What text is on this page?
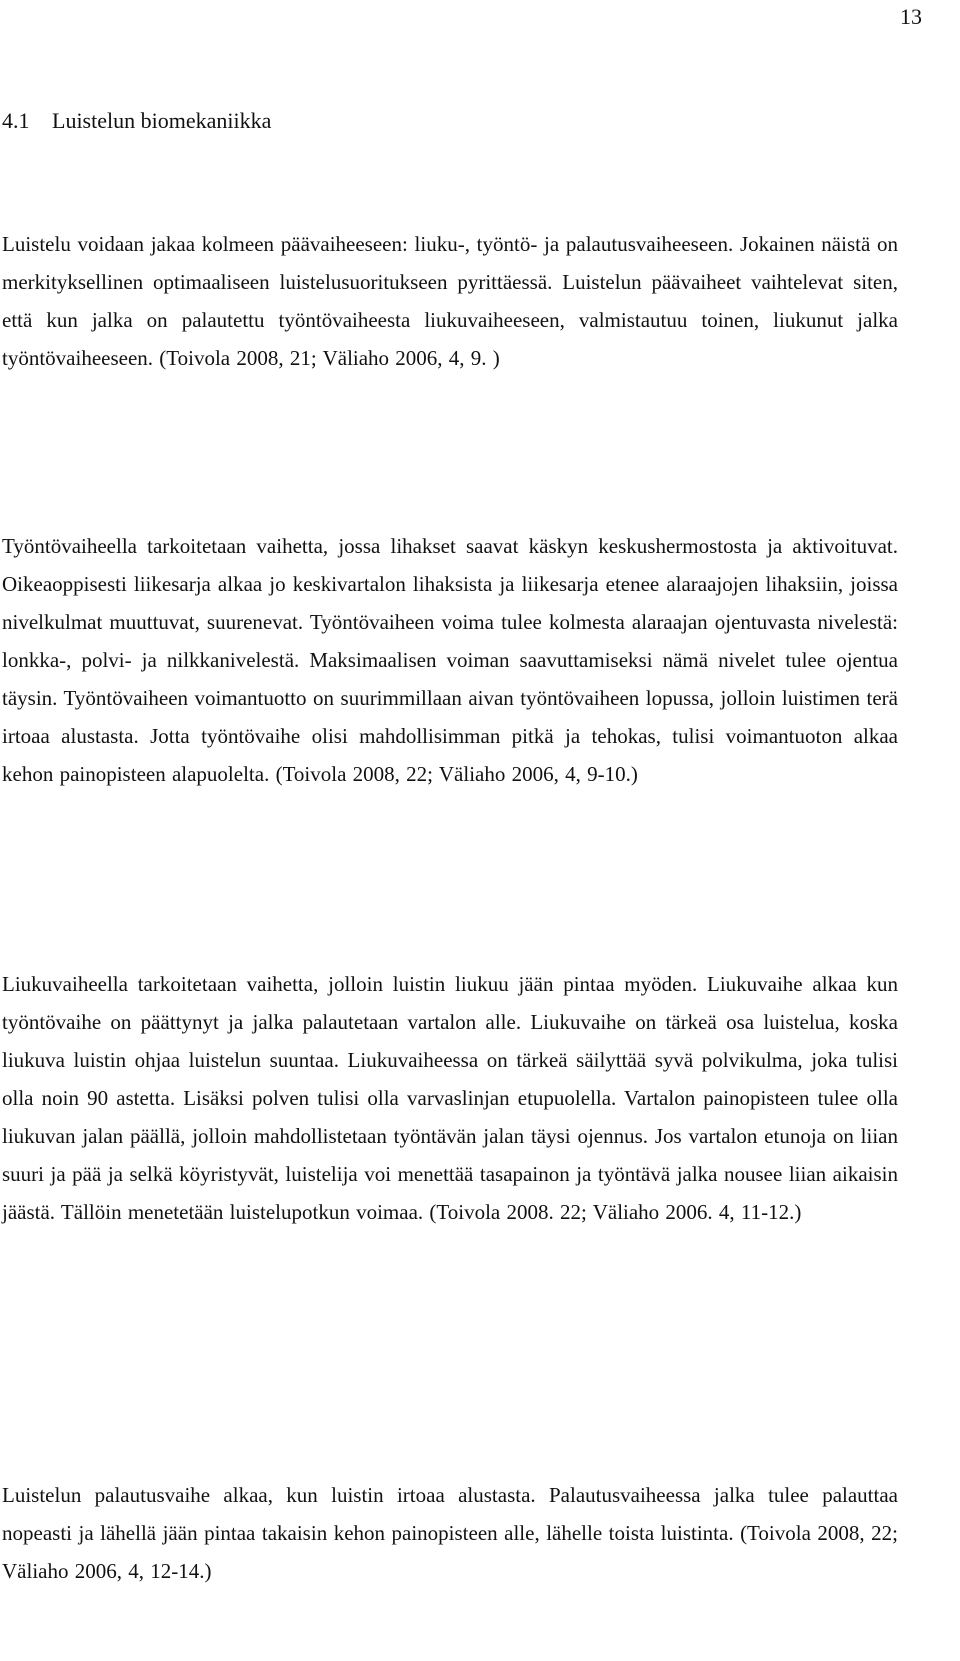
13
4.1 Luistelun biomekaniikka

Luistelu voidaan jakaa kolmeen päävaiheeseen: liuku-, työntö- ja palautusvaiheeseen. Jokainen näistä on merkityksellinen optimaaliseen luistelusuoritukseen pyrittäessä. Luistelun päävaiheet vaihtelevat siten, että kun jalka on palautettu työntövaiheesta liukuvaiheeseen, valmistautuu toinen, liukunut jalka työntövaiheeseen. (Toivola 2008, 21; Väliaho 2006, 4, 9. )

Työntövaiheella tarkoitetaan vaihetta, jossa lihakset saavat käskyn keskushermostosta ja aktivoituvat. Oikeaoppisesti liikesarja alkaa jo keskivartalon lihaksista ja liikesarja etenee alaraajojen lihaksiin, joissa nivelkulmat muuttuvat, suurenevat. Työntövaiheen voima tulee kolmesta alaraajan ojentuvasta nivelestä: lonkka-, polvi- ja nilkkanivelestä. Maksimaalisen voiman saavuttamiseksi nämä nivelet tulee ojentua täysin. Työntövaiheen voimantuotto on suurimmillaan aivan työntövaiheen lopussa, jolloin luistimen terä irtoaa alustasta. Jotta työntövaihe olisi mahdollisimman pitkä ja tehokas, tulisi voimantuoton alkaa kehon painopisteen alapuolelta. (Toivola 2008, 22; Väliaho 2006, 4, 9-10.)

Liukuvaiheella tarkoitetaan vaihetta, jolloin luistin liukuu jään pintaa myöden. Liukuvaihe alkaa kun työntövaihe on päättynyt ja jalka palautetaan vartalon alle. Liukuvaihe on tärkeä osa luistelua, koska liukuva luistin ohjaa luistelun suuntaa. Liukuvaiheessa on tärkeä säilyttää syvä polvikulma, joka tulisi olla noin 90 astetta. Lisäksi polven tulisi olla varvaslinjan etupuolella. Vartalon painopisteen tulee olla liukuvan jalan päällä, jolloin mahdollistetaan työntävän jalan täysi ojennus. Jos vartalon etunoja on liian suuri ja pää ja selkä köyristyvät, luistelija voi menettää tasapainon ja työntävä jalka nousee liian aikaisin jäästä. Tällöin menetetään luistelupotkun voimaa. (Toivola 2008. 22; Väliaho 2006. 4, 11-12.)

Luistelun palautusvaihe alkaa, kun luistin irtoaa alustasta. Palautusvaiheessa jalka tulee palauttaa nopeasti ja lähellä jään pintaa takaisin kehon painopisteen alle, lähelle toista luistinta. (Toivola 2008, 22; Väliaho 2006, 4, 12-14.)
